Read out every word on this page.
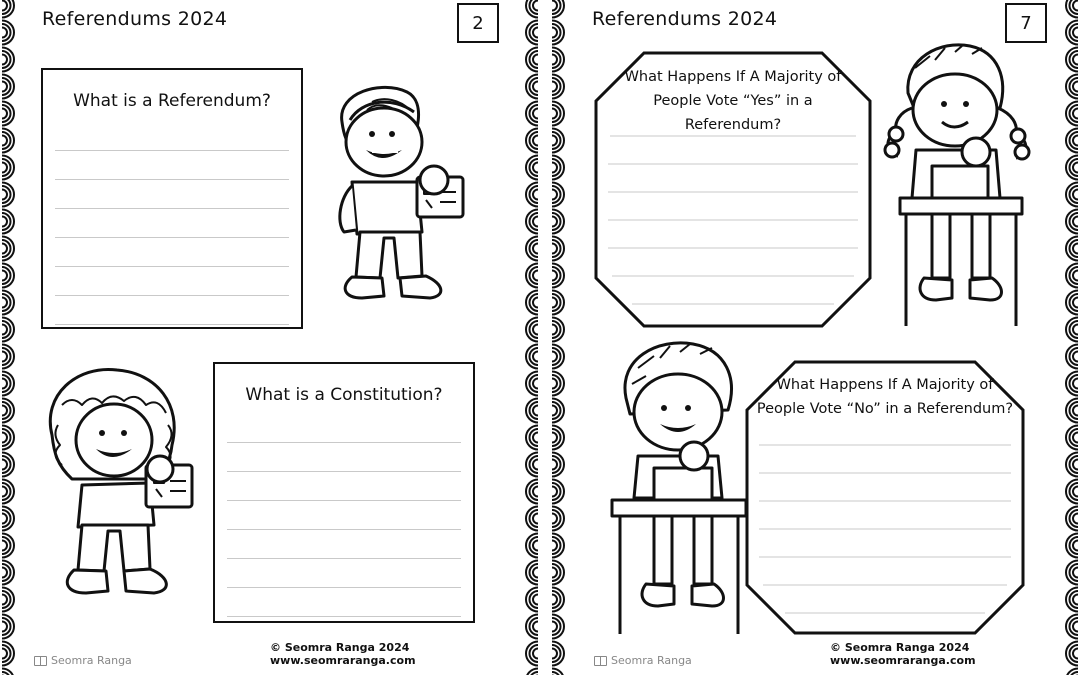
Referendums 2024	2
What is a Referendum?
What is a Constitution?
Seomra Ranga
© Seomra Ranga 2024 www.seomraranga.com
Referendums 2024	7
What Happens If A Majority of
People Vote “Yes” in a
Referendum?
What Happens If A Majority of
People Vote “No” in a Referendum?
Seomra Ranga
© Seomra Ranga 2024 www.seomraranga.com
